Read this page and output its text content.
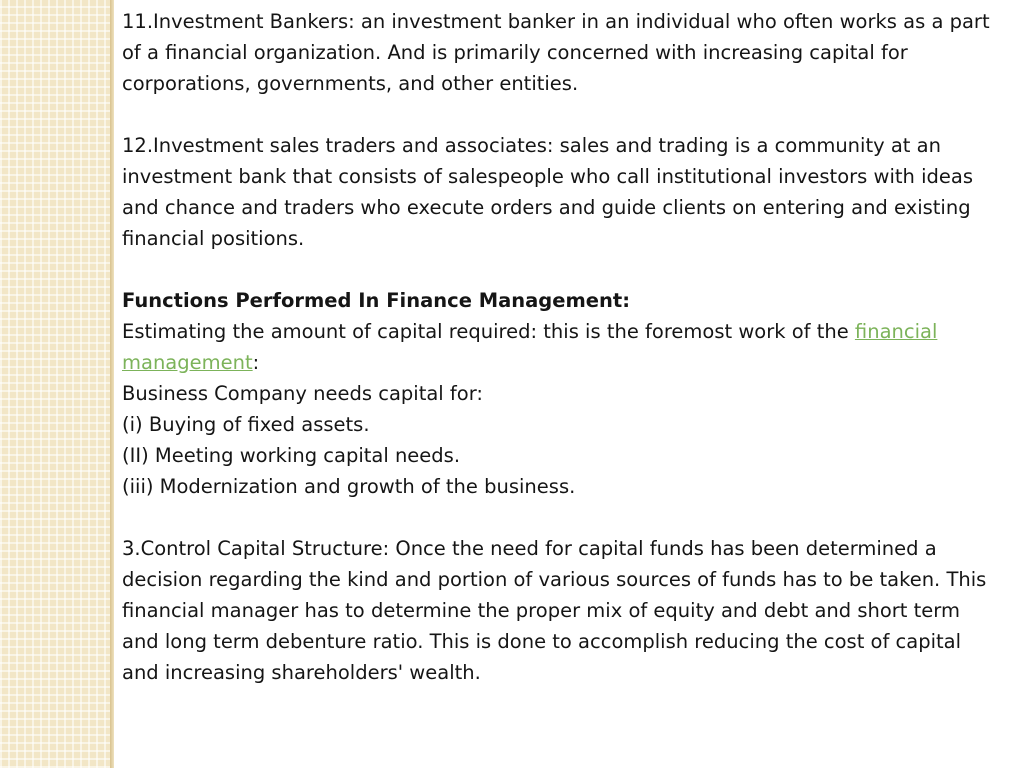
11.Investment Bankers: an investment banker in an individual who often works as a part of a financial organization. And is primarily concerned with increasing capital for corporations, governments, and other entities.

12.Investment sales traders and associates: sales and trading is a community at an investment bank that consists of salespeople who call institutional investors with ideas and chance and traders who execute orders and guide clients on entering and existing financial positions.

Functions Performed In Finance Management:

Estimating the amount of capital required: this is the foremost work of the financial management:

Business Company needs capital for:

(i) Buying of fixed assets.

(II) Meeting working capital needs.

(iii) Modernization and growth of the business.

3.Control Capital Structure: Once the need for capital funds has been determined a decision regarding the kind and portion of various sources of funds has to be taken. This financial manager has to determine the proper mix of equity and debt and short term and long term debenture ratio. This is done to accomplish reducing the cost of capital and increasing shareholders' wealth.
